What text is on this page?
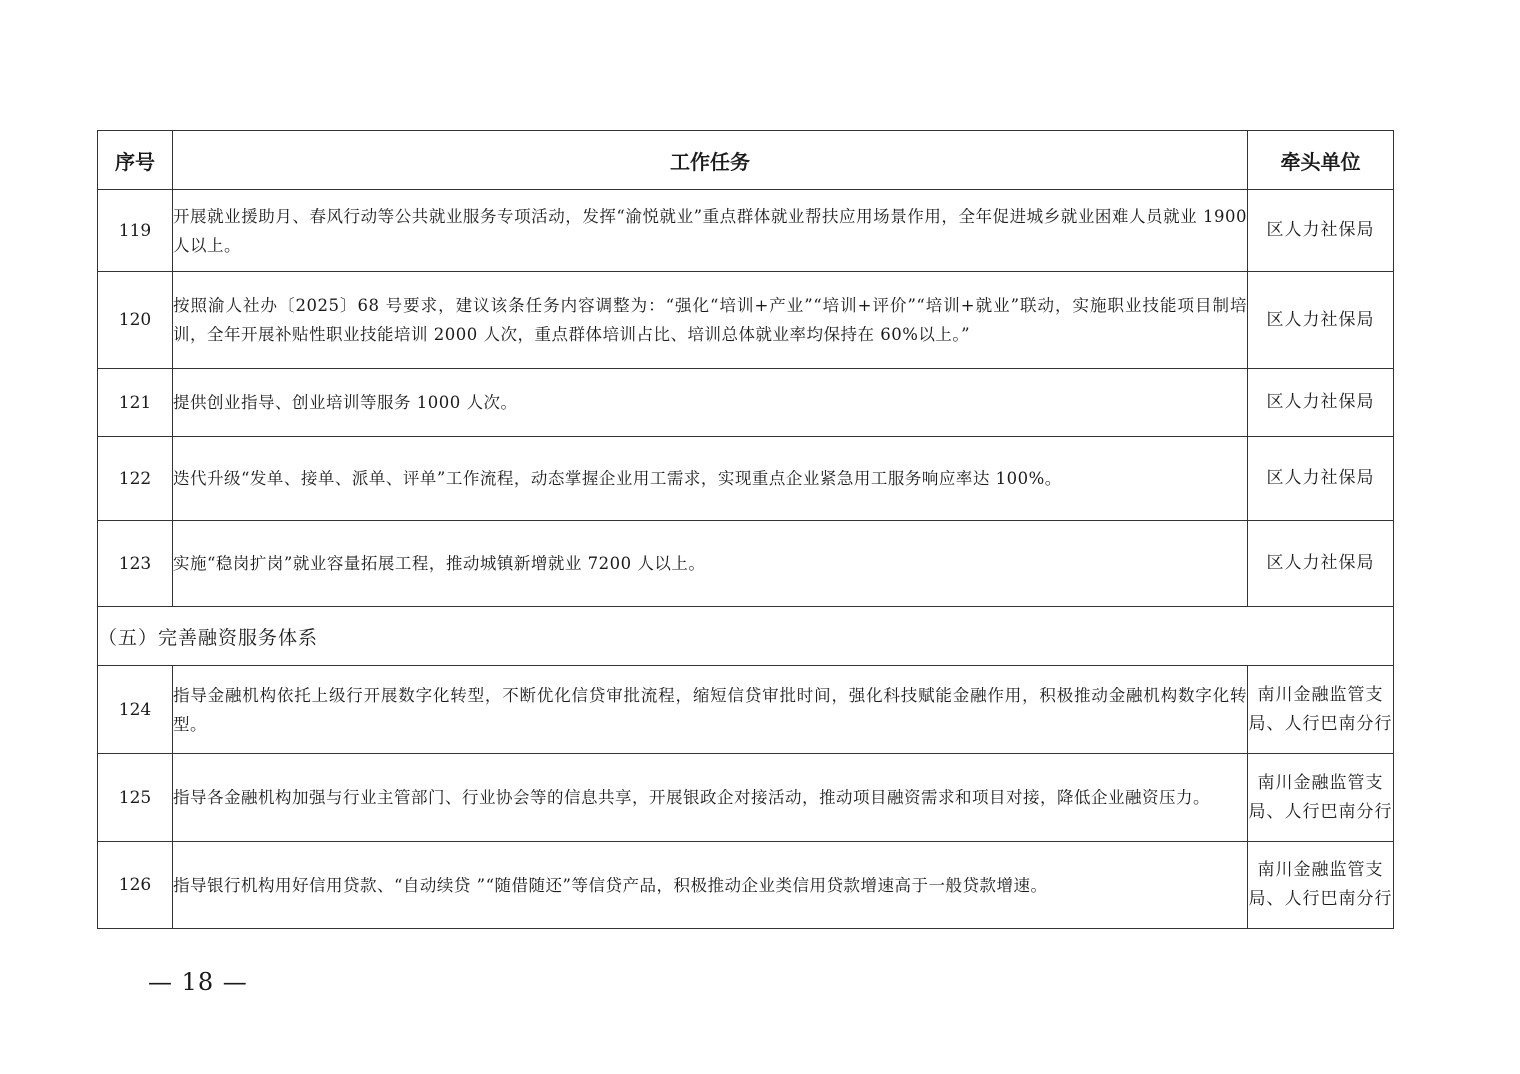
序号	工作任务	牵头单位
119	开展就业援助月、春风行动等公共就业服务专项活动，发挥“渝悦就业”重点群体就业帮扶应用场景作用，全年促进城乡就业困难人员就业 1900 人以上。	区人力社保局
120	按照渝人社办〔2025〕68 号要求，建议该条任务内容调整为：“强化“培训+产业”“培训+评价”“培训+就业”联动，实施职业技能项目制培训，全年开展补贴性职业技能培训 2000 人次，重点群体培训占比、培训总体就业率均保持在 60%以上。”	区人力社保局
121	提供创业指导、创业培训等服务 1000 人次。	区人力社保局
122	迭代升级“发单、接单、派单、评单”工作流程，动态掌握企业用工需求，实现重点企业紧急用工服务响应率达 100%。	区人力社保局
123	实施“稳岗扩岗”就业容量拓展工程，推动城镇新增就业 7200 人以上。	区人力社保局
（五）完善融资服务体系		
124	指导金融机构依托上级行开展数字化转型，不断优化信贷审批流程，缩短信贷审批时间，强化科技赋能金融作用，积极推动金融机构数字化转型。	南川金融监管支局、人行巴南分行
125	指导各金融机构加强与行业主管部门、行业协会等的信息共享，开展银政企对接活动，推动项目融资需求和项目对接，降低企业融资压力。	南川金融监管支局、人行巴南分行
126	指导银行机构用好信用贷款、“自动续贷 ”“随借随还”等信贷产品，积极推动企业类信用贷款增速高于一般贷款增速。	南川金融监管支局、人行巴南分行
— 18 —
